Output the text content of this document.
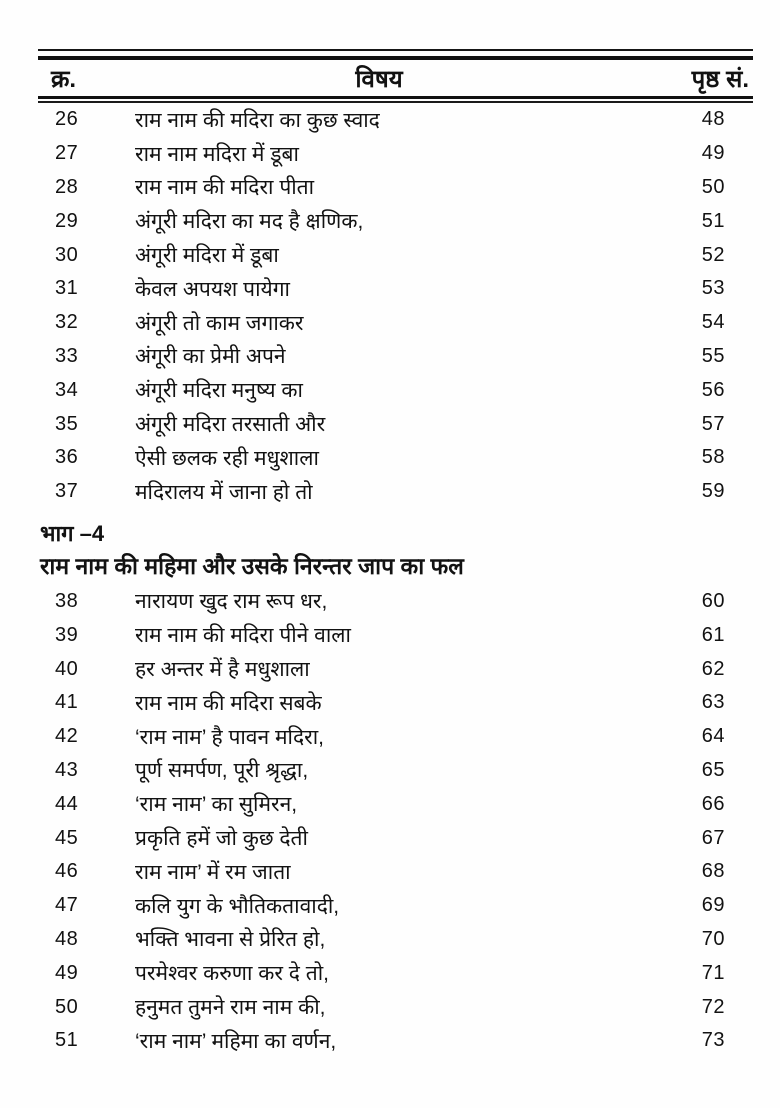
क्र.	विषय	पृष्ठ सं.
26	राम नाम की मदिरा का कुछ स्वाद	48
27	राम नाम मदिरा में डूबा	49
28	राम नाम की मदिरा पीता	50
29	अंगूरी मदिरा का मद है क्षणिक,	51
30	अंगूरी मदिरा में डूबा	52
31	केवल अपयश पायेगा	53
32	अंगूरी तो काम जगाकर	54
33	अंगूरी का प्रेमी अपने	55
34	अंगूरी मदिरा मनुष्य का	56
35	अंगूरी मदिरा तरसाती और	57
36	ऐसी छलक रही मधुशाला	58
37	मदिरालय में जाना हो तो	59
भाग –4
राम नाम की महिमा और उसके निरन्तर जाप का फल
38	नारायण खुद राम रूप धर,	60
39	राम नाम की मदिरा पीने वाला	61
40	हर अन्तर में है मधुशाला	62
41	राम नाम की मदिरा सबके	63
42	‘राम नाम’ है पावन मदिरा,	64
43	पूर्ण समर्पण, पूरी श्रृद्धा,	65
44	‘राम नाम’ का सुमिरन,	66
45	प्रकृति हमें जो कुछ देती	67
46	राम नाम’ में रम जाता	68
47	कलि युग के भौतिकतावादी,	69
48	भक्ति भावना से प्रेरित हो,	70
49	परमेश्वर करुणा कर दे तो,	71
50	हनुमत तुमने राम नाम की,	72
51	‘राम नाम’ महिमा का वर्णन,	73
